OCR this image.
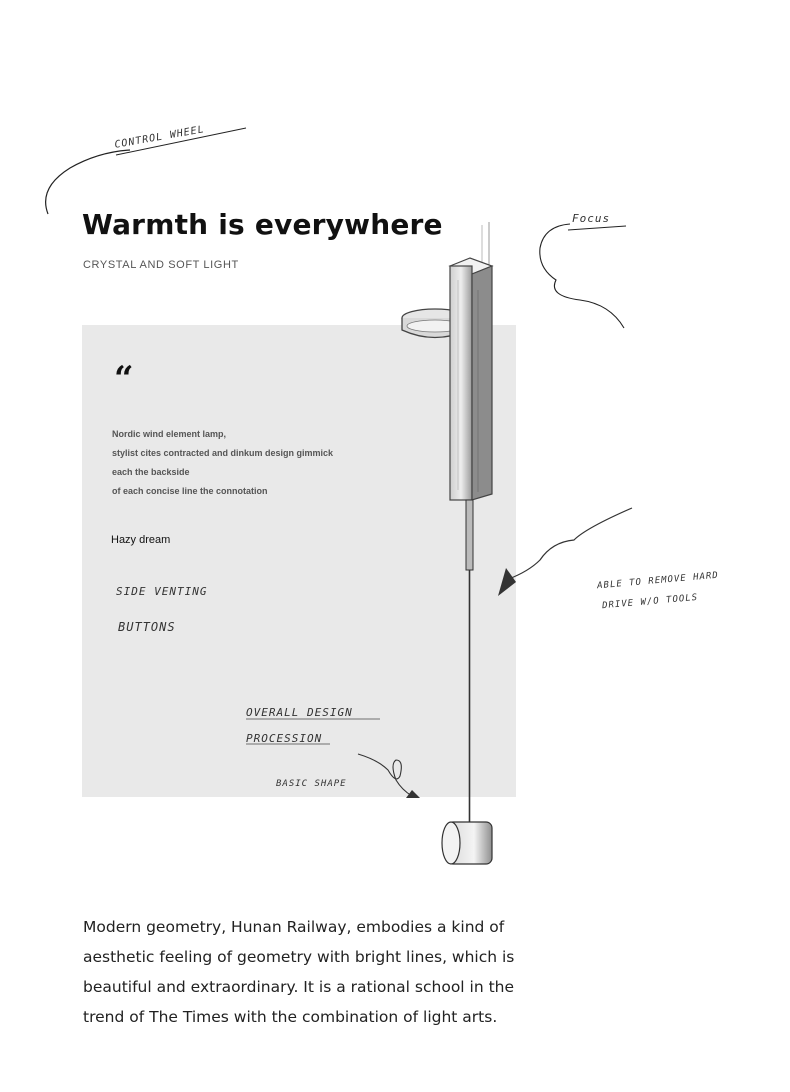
Warmth is everywhere
CRYSTAL AND SOFT LIGHT
“
Nordic wind element lamp,
stylist cites contracted and dinkum design gimmick
each the backside
of each concise line the connotation
Hazy dream
CONTROL WHEEL
Focus
SIDE VENTING
BUTTONS
ABLE TO REMOVE HARD
DRIVE W/O TOOLS
OVERALL DESIGN
PROCESSION
BASIC SHAPE
Modern geometry, Hunan Railway, embodies a kind of
aesthetic feeling of geometry with bright lines, which is
beautiful and extraordinary. It is a rational school in the
trend of The Times with the combination of light arts.
